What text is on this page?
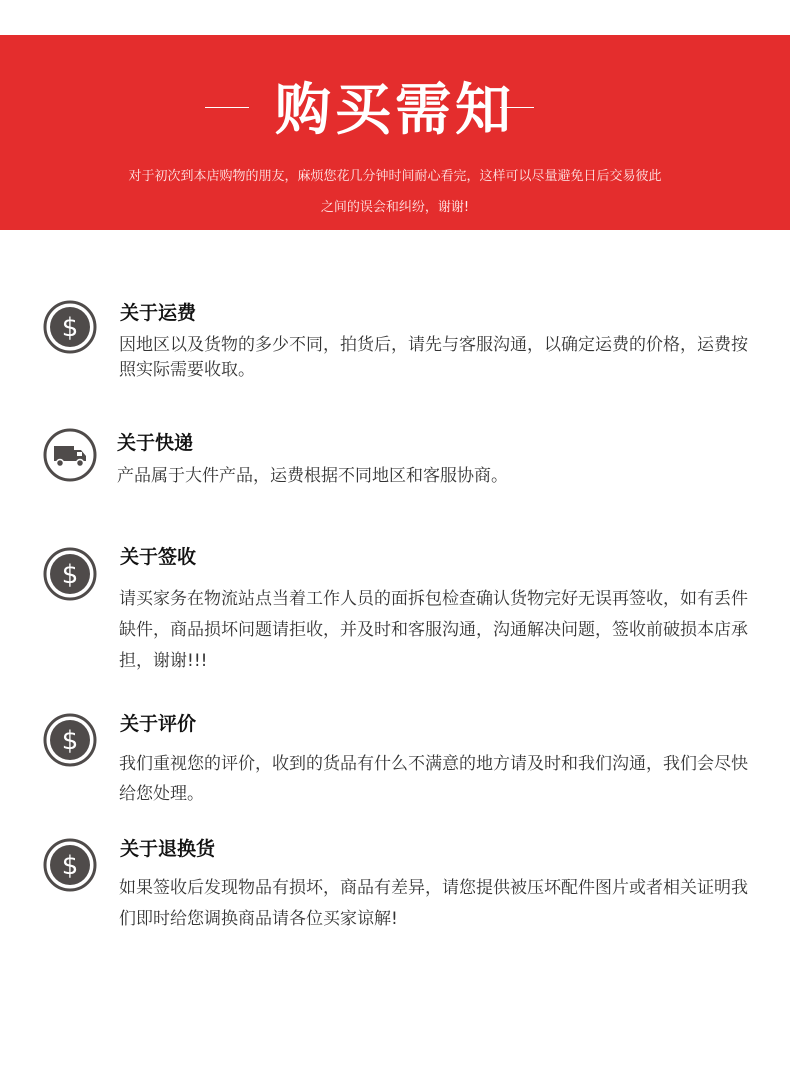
购买需知
对于初次到本店购物的朋友，麻烦您花几分钟时间耐心看完，这样可以尽量避免日后交易彼此
之间的误会和纠纷，谢谢!
$ 关于运费
因地区以及货物的多少不同，拍货后，请先与客服沟通，以确定运费的价格，运费按照实际需要收取。
关于快递
产品属于大件产品，运费根据不同地区和客服协商。
$
关于签收
请买家务在物流站点当着工作人员的面拆包检查确认货物完好无误再签收，如有丢件缺件，商品损坏问题请拒收，并及时和客服沟通，沟通解决问题，签收前破损本店承担，谢谢!!!
$
关于评价
我们重视您的评价，收到的货品有什么不满意的地方请及时和我们沟通，我们会尽快给您处理。
$
关于退换货
如果签收后发现物品有损坏，商品有差异，请您提供被压坏配件图片或者相关证明我们即时给您调换商品请各位买家谅解!
